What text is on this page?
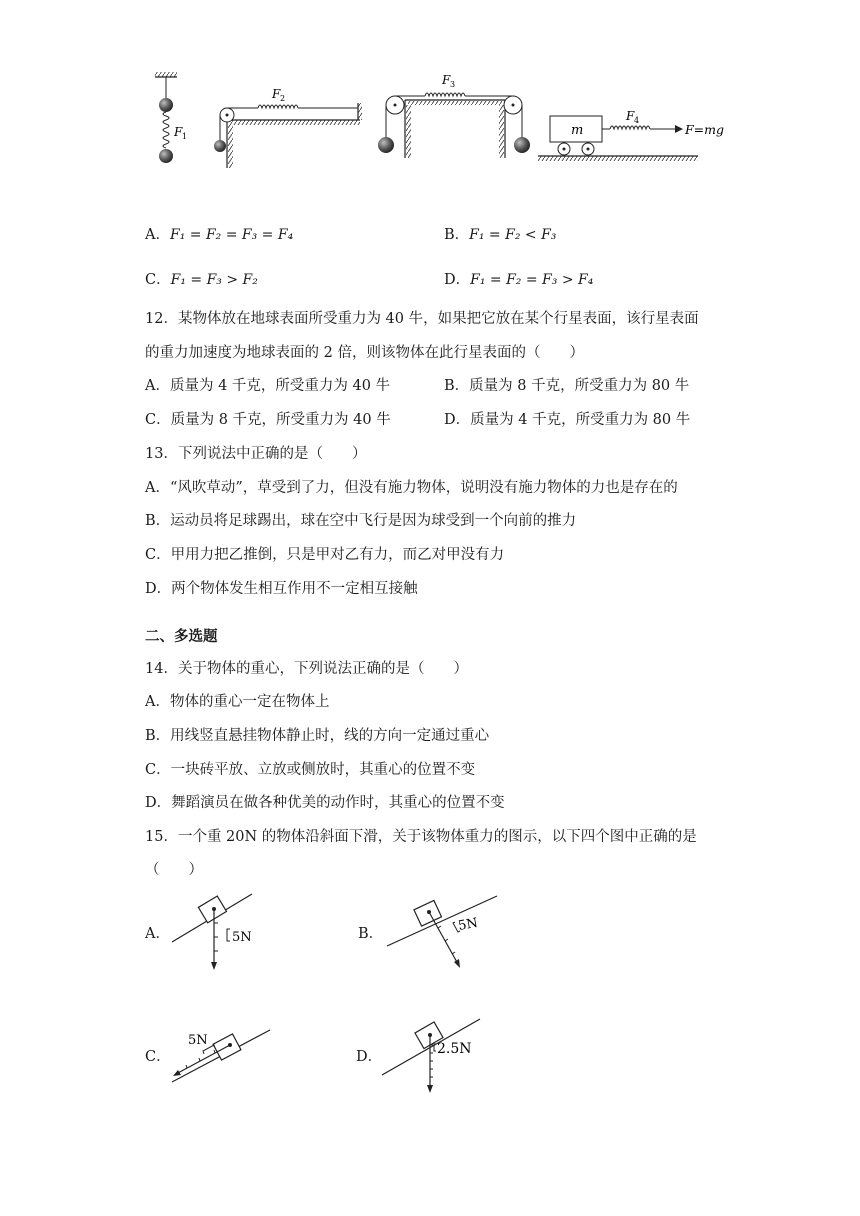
F 1
F 2
F 3
m
F 4
F=mg
A．F₁ = F₂ = F₃ = F₄	B．F₁ = F₂ < F₃
C．F₁ = F₃ > F₂	D．F₁ = F₂ = F₃ > F₄
12．某物体放在地球表面所受重力为 40 牛，如果把它放在某个行星表面，该行星表面
的重力加速度为地球表面的 2 倍，则该物体在此行星表面的（　　）
A．质量为 4 千克，所受重力为 40 牛	B．质量为 8 千克，所受重力为 80 牛
C．质量为 8 千克，所受重力为 40 牛	D．质量为 4 千克，所受重力为 80 牛
13．下列说法中正确的是（　　）
A．“风吹草动”，草受到了力，但没有施力物体，说明没有施力物体的力也是存在的
B．运动员将足球踢出，球在空中飞行是因为球受到一个向前的推力
C．甲用力把乙推倒，只是甲对乙有力，而乙对甲没有力
D．两个物体发生相互作用不一定相互接触
二、多选题
14．关于物体的重心，下列说法正确的是（　　）
A．物体的重心一定在物体上
B．用线竖直悬挂物体静止时，线的方向一定通过重心
C．一块砖平放、立放或侧放时，其重心的位置不变
D．舞蹈演员在做各种优美的动作时，其重心的位置不变
15．一个重 20N 的物体沿斜面下滑，关于该物体重力的图示，以下四个图中正确的是
（　　）
A．	5N	B．
5N
C．
5N
D．	2.5N
